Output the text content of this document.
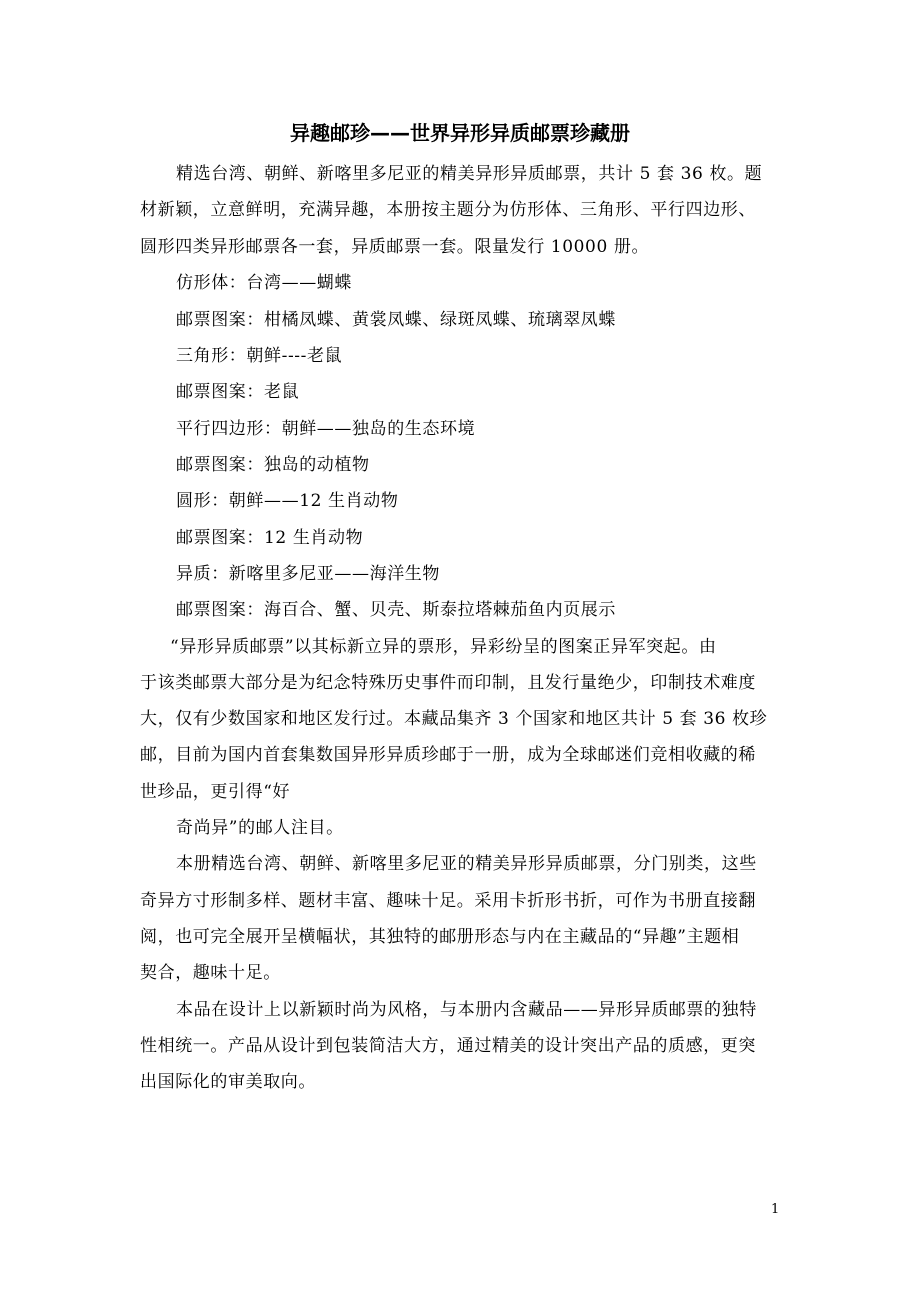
异趣邮珍——世界异形异质邮票珍藏册
精选台湾、朝鲜、新喀里多尼亚的精美异形异质邮票，共计 5 套 36 枚。题
材新颖，立意鲜明，充满异趣，本册按主题分为仿形体、三角形、平行四边形、
圆形四类异形邮票各一套，异质邮票一套。限量发行 10000 册。
仿形体：台湾——蝴蝶
邮票图案：柑橘凤蝶、黄裳凤蝶、绿斑凤蝶、琉璃翠凤蝶
三角形：朝鲜----老鼠
邮票图案：老鼠
平行四边形：朝鲜——独岛的生态环境
邮票图案：独岛的动植物
圆形：朝鲜——12 生肖动物
邮票图案：12 生肖动物
异质：新喀里多尼亚——海洋生物
邮票图案：海百合、蟹、贝壳、斯泰拉塔棘茄鱼内页展示
“异形异质邮票”以其标新立异的票形，异彩纷呈的图案正异军突起。由
于该类邮票大部分是为纪念特殊历史事件而印制，且发行量绝少，印制技术难度
大，仅有少数国家和地区发行过。本藏品集齐 3 个国家和地区共计 5 套 36 枚珍
邮，目前为国内首套集数国异形异质珍邮于一册，成为全球邮迷们竞相收藏的稀
世珍品，更引得“好
奇尚异”的邮人注目。
本册精选台湾、朝鲜、新喀里多尼亚的精美异形异质邮票，分门别类，这些
奇异方寸形制多样、题材丰富、趣味十足。采用卡折形书折，可作为书册直接翻
阅，也可完全展开呈横幅状，其独特的邮册形态与内在主藏品的“异趣”主题相
契合，趣味十足。
本品在设计上以新颖时尚为风格，与本册内含藏品——异形异质邮票的独特
性相统一。产品从设计到包装简洁大方，通过精美的设计突出产品的质感，更突
出国际化的审美取向。
1
